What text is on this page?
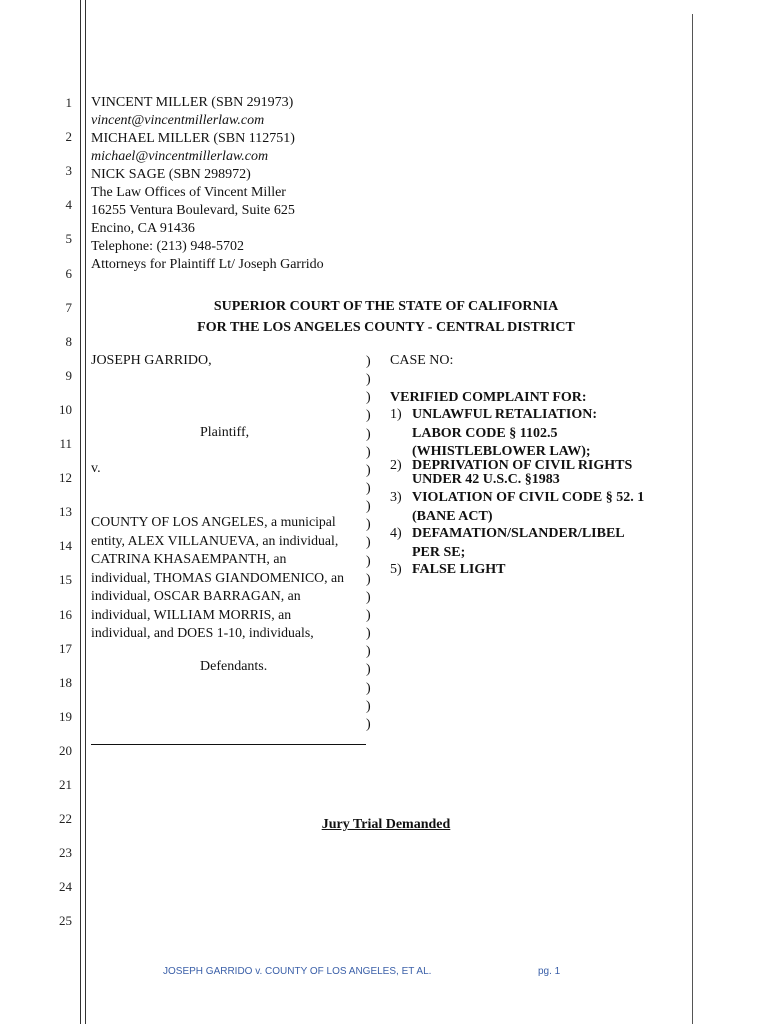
1
2
3
4
5
6
7
8
9
10
11
12
13
14
15
16
17
18
19
20
21
22
23
24
25
VINCENT MILLER (SBN 291973)
vincent@vincentmillerlaw.com
MICHAEL MILLER (SBN 112751)
michael@vincentmillerlaw.com
NICK SAGE (SBN 298972)
The Law Offices of Vincent Miller
16255 Ventura Boulevard, Suite 625
Encino, CA 91436
Telephone: (213) 948-5702
Attorneys for Plaintiff Lt/ Joseph Garrido
SUPERIOR COURT OF THE STATE OF CALIFORNIA
FOR THE LOS ANGELES COUNTY - CENTRAL DISTRICT
JOSEPH GARRIDO,
Plaintiff,
v.
COUNTY OF LOS ANGELES, a municipal
entity, ALEX VILLANUEVA, an individual,
CATRINA KHASAEMPANTH, an
individual, THOMAS GIANDOMENICO, an
individual, OSCAR BARRAGAN, an
individual, WILLIAM MORRIS, an
individual, and DOES 1-10, individuals,
Defendants.
)
)
)
)
)
)
)
)
)
)
)
)
)
)
)
)
)
)
)
)
)
CASE NO:
VERIFIED COMPLAINT FOR:
1) UNLAWFUL RETALIATION:
LABOR CODE § 1102.5
(WHISTLEBLOWER LAW);
2) DEPRIVATION OF CIVIL RIGHTS
UNDER 42 U.S.C. §1983
3) VIOLATION OF CIVIL CODE § 52. 1
(BANE ACT)
4) DEFAMATION/SLANDER/LIBEL
PER SE;
5) FALSE LIGHT
Jury Trial Demanded
JOSEPH GARRIDO v. COUNTY OF LOS ANGELES, ET AL.	pg. 1
